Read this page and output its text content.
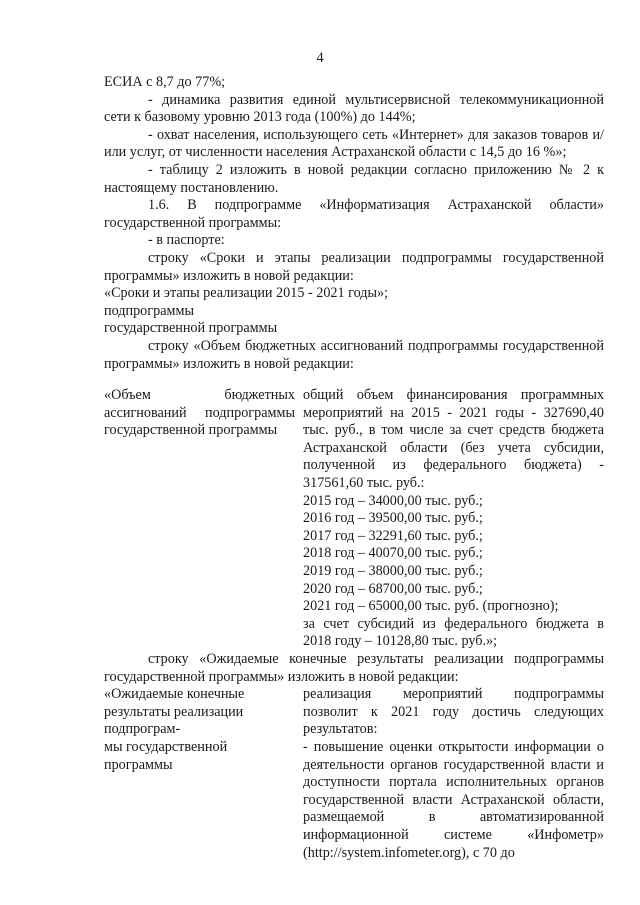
4

ЕСИА с 8,7 до 77%;

- динамика развития единой мультисервисной телекоммуникационной сети к базовому уровню 2013 года (100%) до 144%;

- охват населения, использующего сеть «Интернет» для заказов товаров и/или услуг, от численности населения Астраханской области с 14,5 до 16 %»;

- таблицу 2 изложить в новой редакции согласно приложению № 2 к настоящему постановлению.

1.6. В подпрограмме «Информатизация Астраханской области» государственной программы:

- в паспорте:

строку «Сроки и этапы реализации подпрограммы государственной программы» изложить в новой редакции:

«Сроки и этапы реализации 2015 - 2021 годы»;

подпрограммы

государственной программы

строку «Объем бюджетных ассигнований подпрограммы государственной программы» изложить в новой редакции:

«Объем бюджетных ассигнований подпрограммы государственной программы

общий объем финансирования программных мероприятий на 2015 - 2021 годы - 327690,40 тыс. руб., в том числе за счет средств бюджета Астраханской области (без учета субсидии, полученной из федерального бюджета) - 317561,60 тыс. руб.:

2015 год – 34000,00 тыс. руб.;
2016 год – 39500,00 тыс. руб.;
2017 год – 32291,60 тыс. руб.;
2018 год – 40070,00 тыс. руб.;
2019 год – 38000,00 тыс. руб.;
2020 год – 68700,00 тыс. руб.;
2021 год – 65000,00 тыс. руб. (прогнозно);

за счет субсидий из федерального бюджета в 2018 году – 10128,80 тыс. руб.»;

строку «Ожидаемые конечные результаты реализации подпрограммы государственной программы» изложить в новой редакции:

«Ожидаемые конечные
результаты реализации
подпрограм-
мы государственной
программы

реализация мероприятий подпрограммы позволит к 2021 году достичь следующих результатов:

- повышение оценки открытости информации о деятельности органов государственной власти и доступности портала исполнительных органов государственной власти Астраханской области, размещаемой в автоматизированной информационной системе «Инфометр» (http://system.infometer.org), с 70 до
